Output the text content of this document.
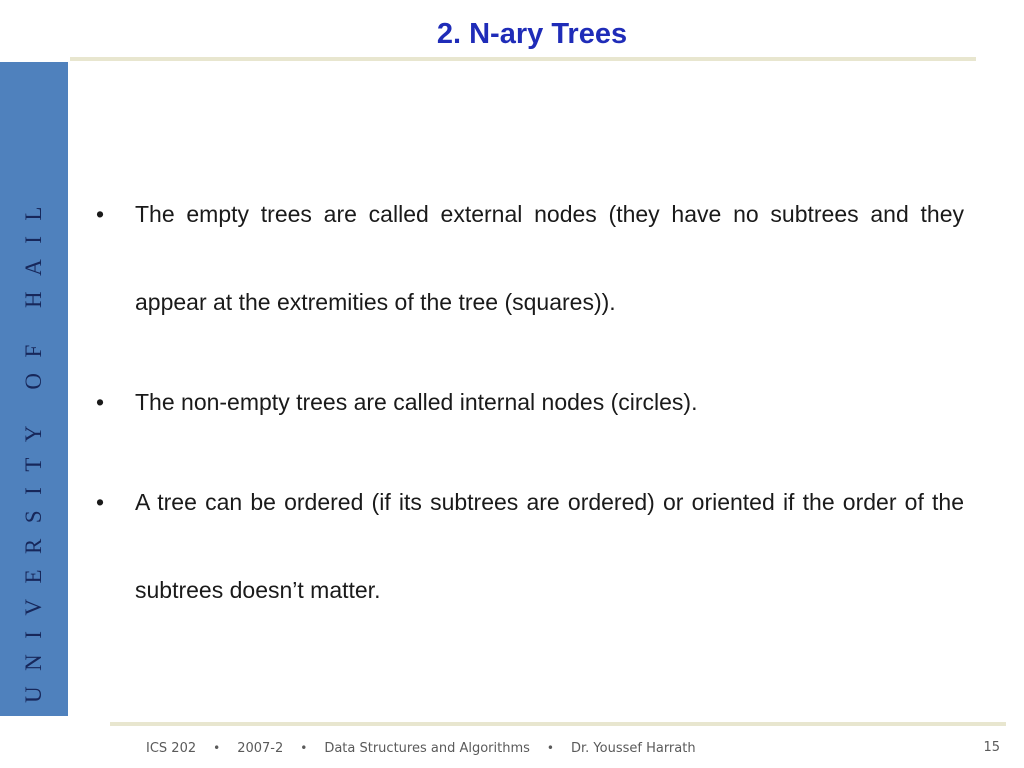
2. N-ary Trees
UNIVERSITY OF HAIL •	The empty trees are called external nodes (they have no subtrees and they appear at the extremities of the tree (squares)).
•	The non-empty trees are called internal nodes (circles).
•	A tree can be ordered (if its subtrees are ordered) or oriented if the order of the subtrees doesn’t matter.
ICS 202 • 2007-2 • Data Structures and Algorithms • Dr. Youssef Harrath	15
